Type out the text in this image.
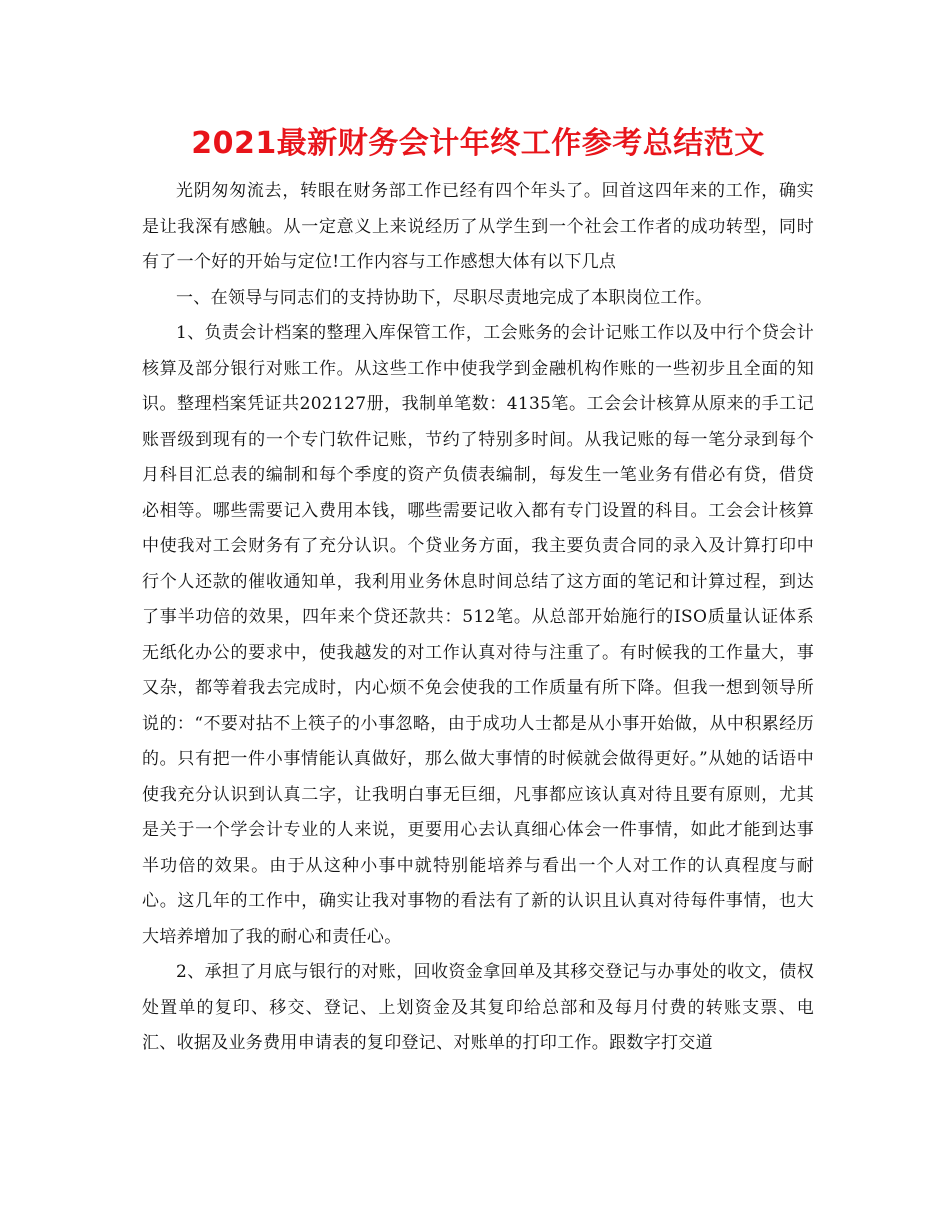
2021最新财务会计年终工作参考总结范文

光阴匆匆流去，转眼在财务部工作已经有四个年头了。回首这四年来的工作，确实是让我深有感触。从一定意义上来说经历了从学生到一个社会工作者的成功转型，同时有了一个好的开始与定位!工作内容与工作感想大体有以下几点

一、在领导与同志们的支持协助下，尽职尽责地完成了本职岗位工作。

1、负责会计档案的整理入库保管工作，工会账务的会计记账工作以及中行个贷会计核算及部分银行对账工作。从这些工作中使我学到金融机构作账的一些初步且全面的知识。整理档案凭证共202127册，我制单笔数：4135笔。工会会计核算从原来的手工记账晋级到现有的一个专门软件记账，节约了特别多时间。从我记账的每一笔分录到每个月科目汇总表的编制和每个季度的资产负债表编制，每发生一笔业务有借必有贷，借贷必相等。哪些需要记入费用本钱，哪些需要记收入都有专门设置的科目。工会会计核算中使我对工会财务有了充分认识。个贷业务方面，我主要负责合同的录入及计算打印中行个人还款的催收通知单，我利用业务休息时间总结了这方面的笔记和计算过程，到达了事半功倍的效果，四年来个贷还款共：512笔。从总部开始施行的ISO质量认证体系无纸化办公的要求中，使我越发的对工作认真对待与注重了。有时候我的工作量大，事又杂，都等着我去完成时，内心烦不免会使我的工作质量有所下降。但我一想到领导所说的：“不要对拈不上筷子的小事忽略，由于成功人士都是从小事开始做，从中积累经历的。只有把一件小事情能认真做好，那么做大事情的时候就会做得更好。”从她的话语中使我充分认识到认真二字，让我明白事无巨细，凡事都应该认真对待且要有原则，尤其是关于一个学会计专业的人来说，更要用心去认真细心体会一件事情，如此才能到达事半功倍的效果。由于从这种小事中就特别能培养与看出一个人对工作的认真程度与耐心。这几年的工作中，确实让我对事物的看法有了新的认识且认真对待每件事情，也大大培养增加了我的耐心和责任心。

2、承担了月底与银行的对账，回收资金拿回单及其移交登记与办事处的收文，债权处置单的复印、移交、登记、上划资金及其复印给总部和及每月付费的转账支票、电汇、收据及业务费用申请表的复印登记、对账单的打印工作。跟数字打交道
